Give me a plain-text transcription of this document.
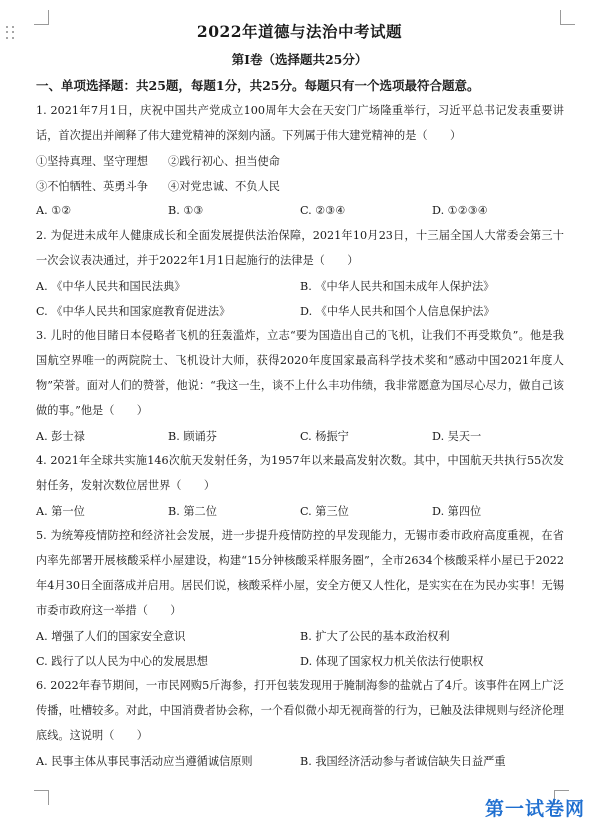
2022年道德与法治中考试题
第Ⅰ卷（选择题共25分）
一、单项选择题：共25题，每题1分，共25分。每题只有一个选项最符合题意。

1. 2021年7月1日，庆祝中国共产党成立100周年大会在天安门广场隆重举行，习近平总书记发表重要讲话，首次提出并阐释了伟大建党精神的深刻内涵。下列属于伟大建党精神的是（　　）

①坚持真理、坚守理想	②践行初心、担当使命
③不怕牺牲、英勇斗争	④对党忠诚、不负人民
A. ①②	B. ①③	C. ②③④	D. ①②③④

2. 为促进未成年人健康成长和全面发展提供法治保障，2021年10月23日，十三届全国人大常委会第三十一次会议表决通过，并于2022年1月1日起施行的法律是（　　）

A. 《中华人民共和国民法典》	B. 《中华人民共和国未成年人保护法》
C. 《中华人民共和国家庭教育促进法》	D. 《中华人民共和国个人信息保护法》

3. 儿时的他目睹日本侵略者飞机的狂轰滥炸，立志“要为国造出自己的飞机，让我们不再受欺负”。他是我国航空界唯一的两院院士、飞机设计大师，获得2020年度国家最高科学技术奖和“感动中国2021年度人物”荣誉。面对人们的赞誉，他说：“我这一生，谈不上什么丰功伟绩，我非常愿意为国尽心尽力，做自己该做的事。”他是（　　）

A. 彭士禄	B. 顾诵芬	C. 杨振宁	D. 吴天一

4. 2021年全球共实施146次航天发射任务，为1957年以来最高发射次数。其中，中国航天共执行55次发射任务，发射次数位居世界（　　）

A. 第一位	B. 第二位	C. 第三位	D. 第四位

5. 为统筹疫情防控和经济社会发展，进一步提升疫情防控的早发现能力，无锡市委市政府高度重视，在省内率先部署开展核酸采样小屋建设，构建“15分钟核酸采样服务圈”，全市2634个核酸采样小屋已于2022年4月30日全面落成并启用。居民们说，核酸采样小屋，安全方便又人性化，是实实在在为民办实事！无锡市委市政府这一举措（　　）

A. 增强了人们的国家安全意识	B. 扩大了公民的基本政治权利
C. 践行了以人民为中心的发展思想	D. 体现了国家权力机关依法行使职权

6. 2022年春节期间，一市民网购5斤海参，打开包装发现用于腌制海参的盐就占了4斤。该事件在网上广泛传播，吐槽较多。对此，中国消费者协会称，一个看似微小却无视商誉的行为，已触及法律规则与经济伦理底线。这说明（　　）

A. 民事主体从事民事活动应当遵循诚信原则	B. 我国经济活动参与者诚信缺失日益严重
第一试卷网
